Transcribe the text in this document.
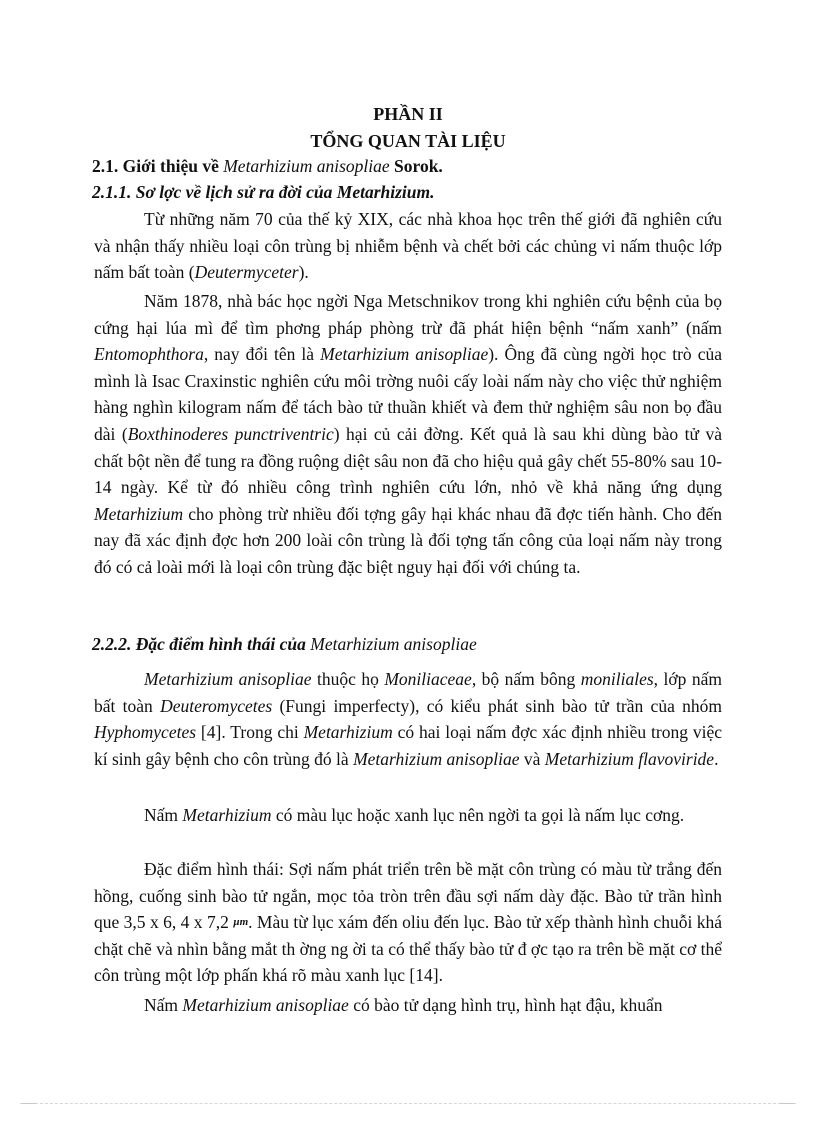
PHẦN II
TỔNG QUAN TÀI LIỆU
2.1. Giới thiệu về Metarhizium anisopliae Sorok.
2.1.1. Sơ lợc về lịch sử ra đời của Metarhizium.

Từ những năm 70 của thế kỷ XIX, các nhà khoa học trên thế giới đã nghiên cứu và nhận thấy nhiều loại côn trùng bị nhiễm bệnh và chết bởi các chủng vi nấm thuộc lớp nấm bất toàn (Deutermyceter).

Năm 1878, nhà bác học ngời Nga Metschnikov trong khi nghiên cứu bệnh của bọ cứng hại lúa mì để tìm phơng pháp phòng trừ đã phát hiện bệnh “nấm xanh” (nấm Entomophthora, nay đổi tên là Metarhizium anisopliae). Ông đã cùng ngời học trò của mình là Isac Craxinstic nghiên cứu môi trờng nuôi cấy loài nấm này cho việc thử nghiệm hàng nghìn kilogram nấm để tách bào tử thuần khiết và đem thử nghiệm sâu non bọ đầu dài (Boxthinoderes punctriventric) hại củ cải đờng. Kết quả là sau khi dùng bào tử và chất bột nền để tung ra đồng ruộng diệt sâu non đã cho hiệu quả gây chết 55-80% sau 10-14 ngày. Kể từ đó nhiều công trình nghiên cứu lớn, nhỏ về khả năng ứng dụng Metarhizium cho phòng trừ nhiều đối tợng gây hại khác nhau đã đợc tiến hành. Cho đến nay đã xác định đợc hơn 200 loài côn trùng là đối tợng tấn công của loại nấm này trong đó có cả loài mới là loại côn trùng đặc biệt nguy hại đối với chúng ta.

2.2.2. Đặc điểm hình thái của Metarhizium anisopliae

Metarhizium anisopliae thuộc họ Moniliaceae, bộ nấm bông moniliales, lớp nấm bất toàn Deuteromycetes (Fungi imperfecty), có kiểu phát sinh bào tử trần của nhóm Hyphomycetes [4]. Trong chi Metarhizium có hai loại nấm đợc xác định nhiều trong việc kí sinh gây bệnh cho côn trùng đó là Metarhizium anisopliae và Metarhizium flavoviride.

Nấm Metarhizium có màu lục hoặc xanh lục nên ngời ta gọi là nấm lục cơng.

Đặc điểm hình thái: Sợi nấm phát triển trên bề mặt côn trùng có màu từ trắng đến hồng, cuống sinh bào tử ngắn, mọc tỏa tròn trên đầu sợi nấm dày đặc. Bào tử trần hình que 3,5 x 6, 4 x 7,2 $^{\mu m}$. Màu từ lục xám đến oliu đến lục. Bào tử xếp thành hình chuỗi khá chặt chẽ và nhìn bằng mắt th ờng ng ời ta có thể thấy bào tử đ ợc tạo ra trên bề mặt cơ thể côn trùng một lớp phấn khá rõ màu xanh lục [14].

Nấm Metarhizium anisopliae có bào tử dạng hình trụ, hình hạt đậu, khuẩn
